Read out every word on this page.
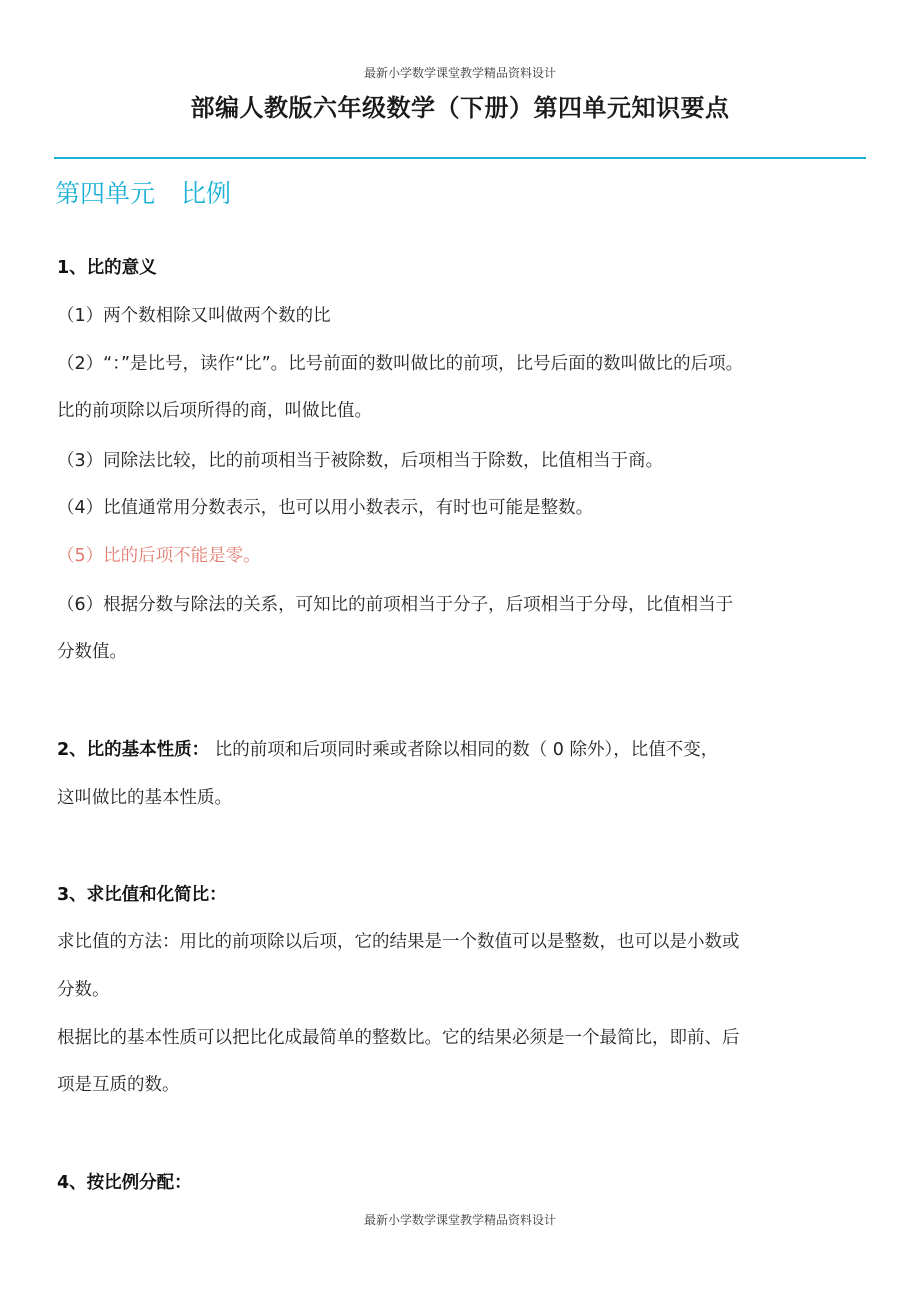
最新小学数学课堂教学精品资料设计
部编人教版六年级数学（下册）第四单元知识要点
第四单元 比例
1、比的意义
（1）两个数相除又叫做两个数的比
（2）“：”是比号，读作“比”。比号前面的数叫做比的前项，比号后面的数叫做比的后项。
比的前项除以后项所得的商，叫做比值。
（3）同除法比较，比的前项相当于被除数，后项相当于除数，比值相当于商。
（4）比值通常用分数表示，也可以用小数表示，有时也可能是整数。
（5）比的后项不能是零。
（6）根据分数与除法的关系，可知比的前项相当于分子，后项相当于分母，比值相当于
分数值。
2、比的基本性质： 比的前项和后项同时乘或者除以相同的数（ 0 除外），比值不变，
这叫做比的基本性质。
3、求比值和化简比：
求比值的方法：用比的前项除以后项，它的结果是一个数值可以是整数，也可以是小数或
分数。
根据比的基本性质可以把比化成最简单的整数比。它的结果必须是一个最简比，即前、后
项是互质的数。
4、按比例分配：
最新小学数学课堂教学精品资料设计
